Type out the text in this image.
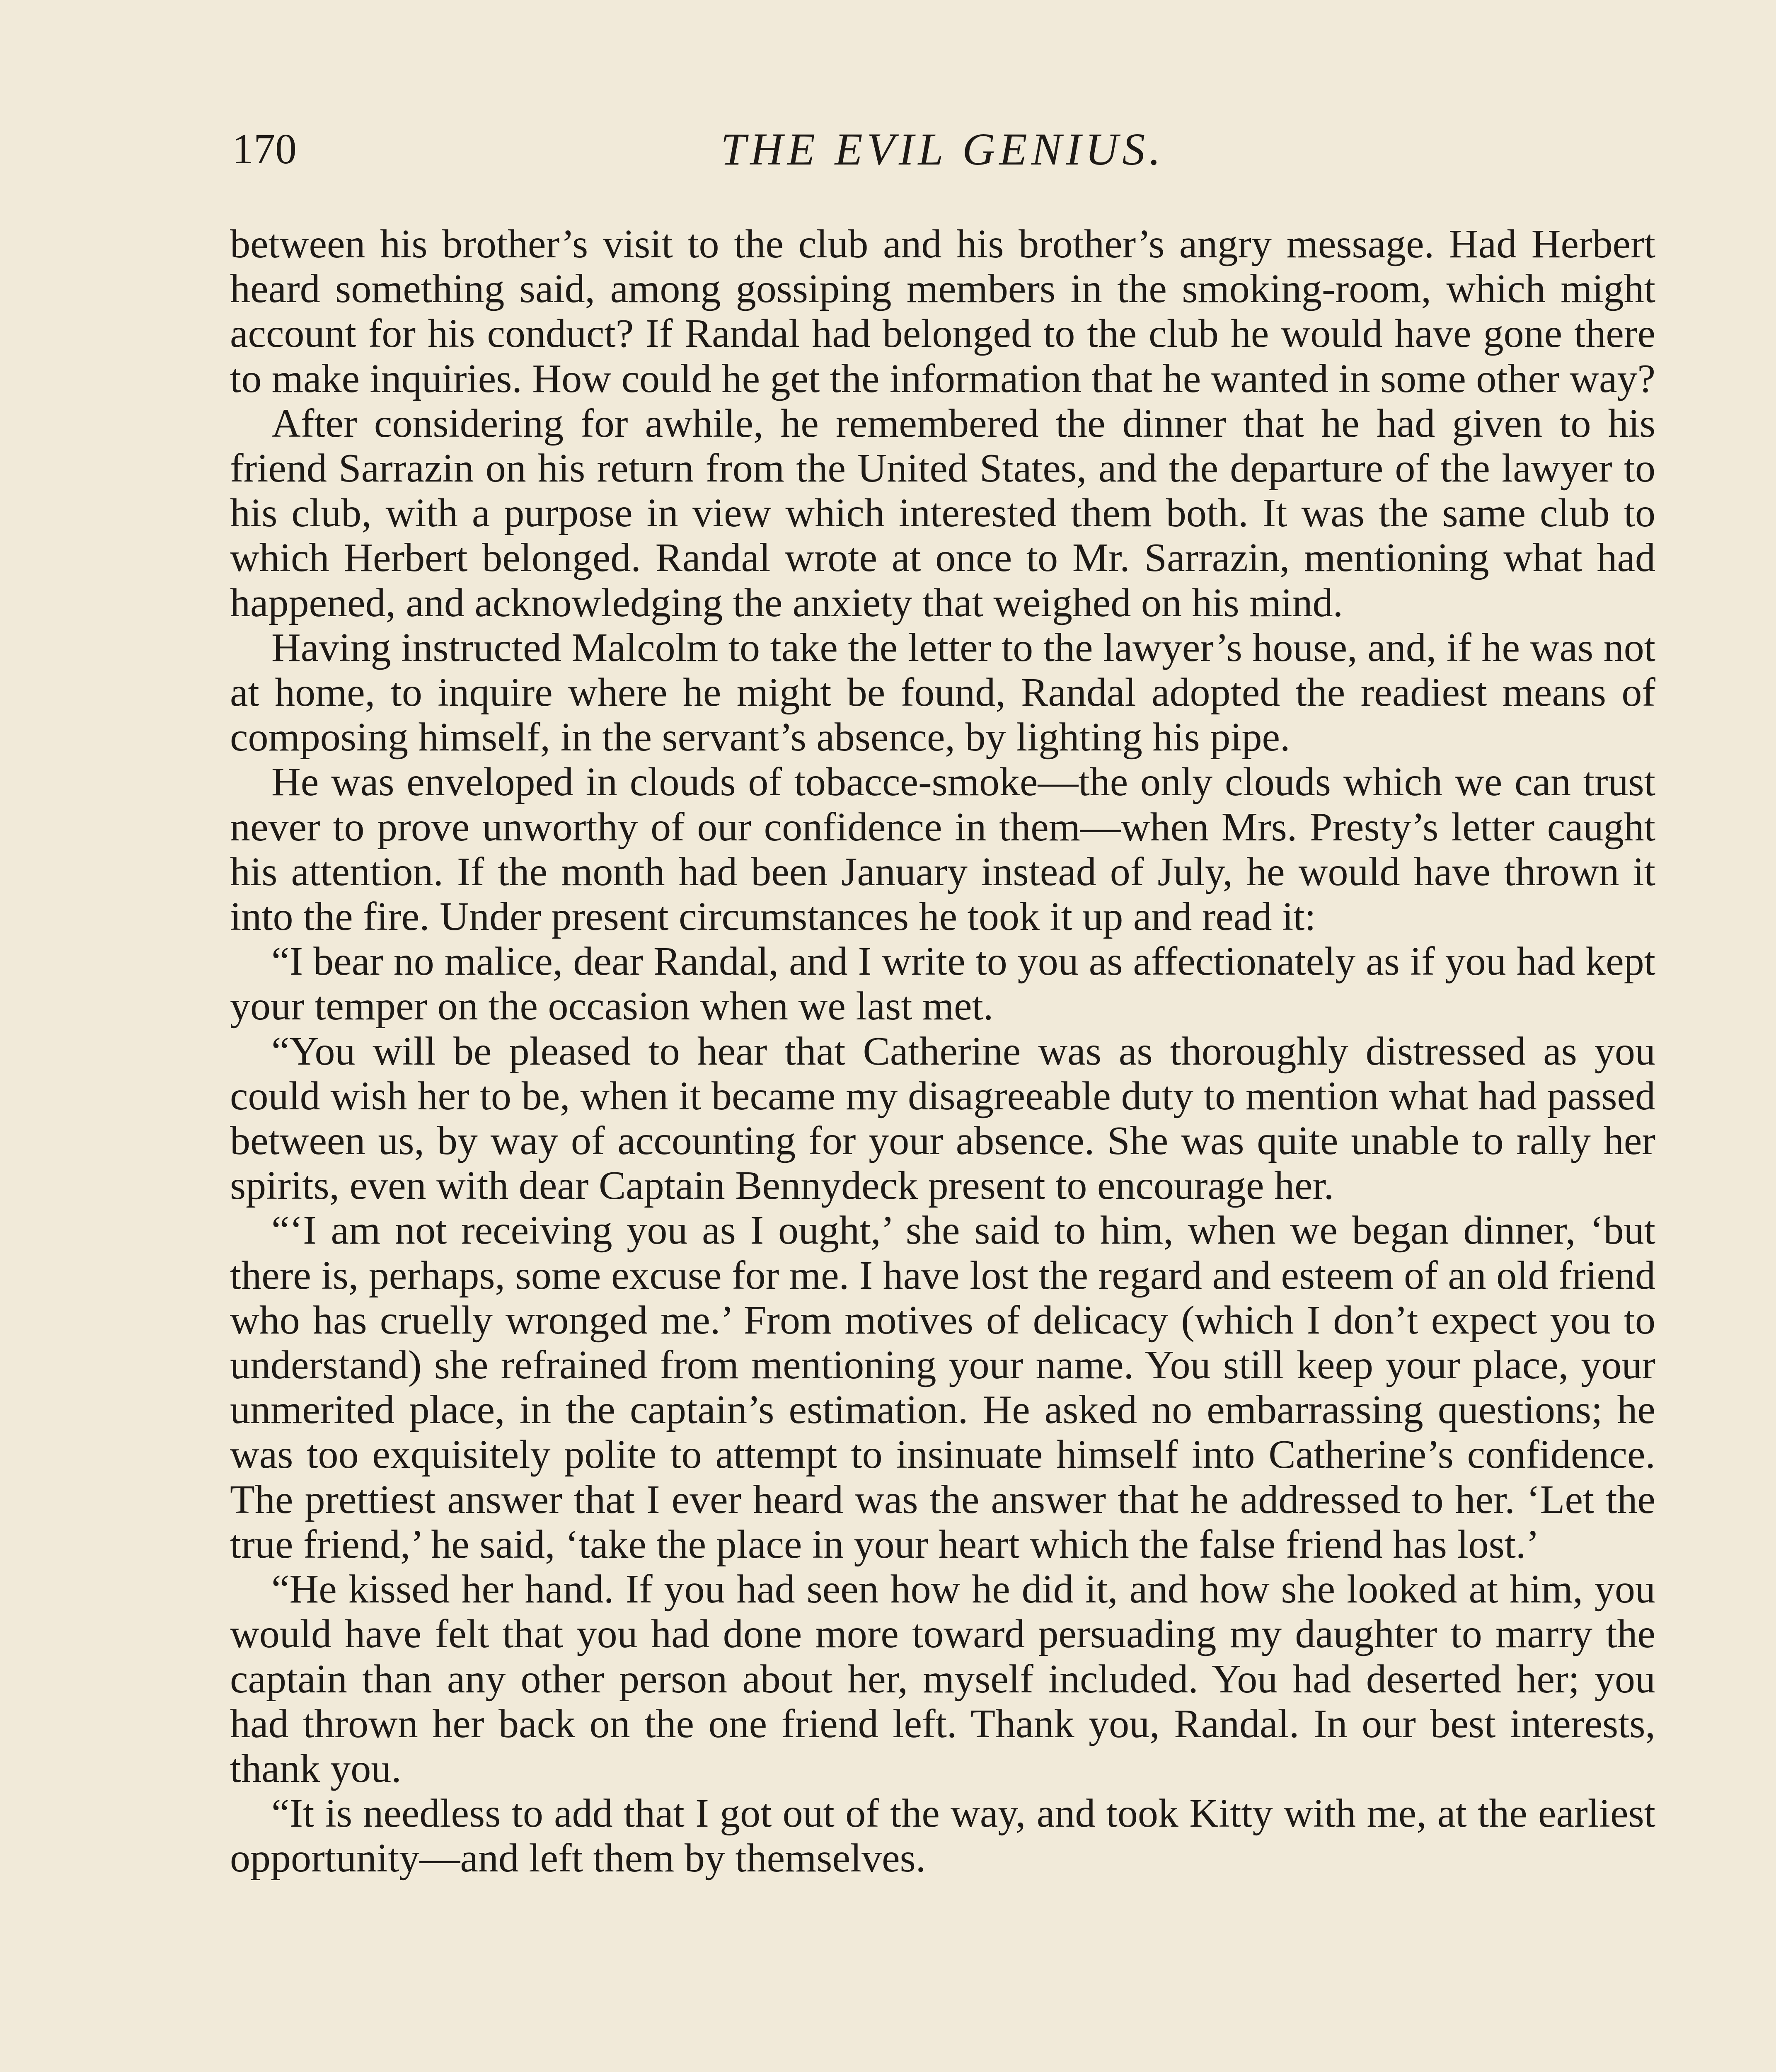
170	THE EVIL GENIUS.

between his brother’s visit to the club and his brother’s angry message. Had Herbert heard something said, among gossiping members in the smoking-room, which might account for his conduct? If Randal had belonged to the club he would have gone there to make inquiries. How could he get the information that he wanted in some other way?

After considering for awhile, he remembered the dinner that he had given to his friend Sarrazin on his return from the United States, and the departure of the lawyer to his club, with a purpose in view which interested them both. It was the same club to which Herbert belonged. Randal wrote at once to Mr. Sarrazin, mentioning what had happened, and acknowledging the anxiety that weighed on his mind.

Having instructed Malcolm to take the letter to the lawyer’s house, and, if he was not at home, to inquire where he might be found, Randal adopted the readiest means of composing himself, in the servant’s absence, by lighting his pipe.

He was enveloped in clouds of tobacce-smoke—the only clouds which we can trust never to prove unworthy of our confidence in them—when Mrs. Presty’s letter caught his attention. If the month had been January instead of July, he would have thrown it into the fire. Under present circumstances he took it up and read it:

“I bear no malice, dear Randal, and I write to you as affectionately as if you had kept your temper on the occasion when we last met.

“You will be pleased to hear that Catherine was as thoroughly distressed as you could wish her to be, when it became my disagreeable duty to mention what had passed between us, by way of accounting for your absence. She was quite unable to rally her spirits, even with dear Captain Bennydeck present to encourage her.

“‘I am not receiving you as I ought,’ she said to him, when we began dinner, ‘but there is, perhaps, some excuse for me. I have lost the regard and esteem of an old friend who has cruelly wronged me.’ From motives of delicacy (which I don’t expect you to understand) she refrained from mentioning your name. You still keep your place, your unmerited place, in the captain’s estimation. He asked no embarrassing questions; he was too exquisitely polite to attempt to insinuate himself into Catherine’s confidence. The prettiest answer that I ever heard was the answer that he addressed to her. ‘Let the true friend,’ he said, ‘take the place in your heart which the false friend has lost.’

“He kissed her hand. If you had seen how he did it, and how she looked at him, you would have felt that you had done more toward persuading my daughter to marry the captain than any other person about her, myself included. You had deserted her; you had thrown her back on the one friend left. Thank you, Randal. In our best interests, thank you.

“It is needless to add that I got out of the way, and took Kitty with me, at the earliest opportunity—and left them by themselves.
